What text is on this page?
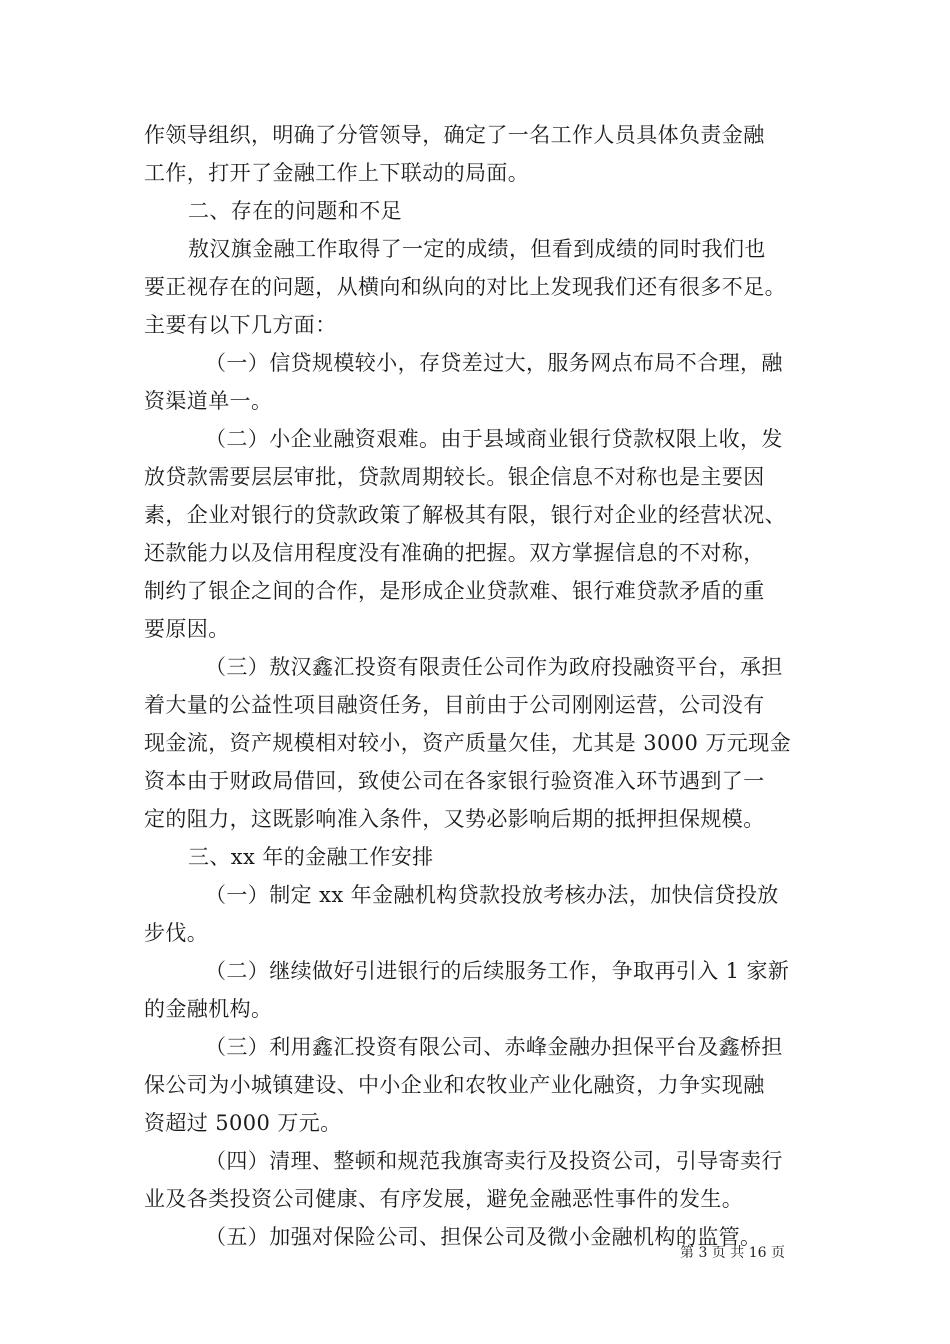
作领导组织，明确了分管领导，确定了一名工作人员具体负责金融
工作，打开了金融工作上下联动的局面。
二、存在的问题和不足
敖汉旗金融工作取得了一定的成绩，但看到成绩的同时我们也
要正视存在的问题，从横向和纵向的对比上发现我们还有很多不足。
主要有以下几方面：
（一）信贷规模较小，存贷差过大，服务网点布局不合理，融
资渠道单一。
（二）小企业融资艰难。由于县域商业银行贷款权限上收，发
放贷款需要层层审批，贷款周期较长。银企信息不对称也是主要因
素，企业对银行的贷款政策了解极其有限，银行对企业的经营状况、
还款能力以及信用程度没有准确的把握。双方掌握信息的不对称，
制约了银企之间的合作，是形成企业贷款难、银行难贷款矛盾的重
要原因。
（三）敖汉鑫汇投资有限责任公司作为政府投融资平台，承担
着大量的公益性项目融资任务，目前由于公司刚刚运营，公司没有
现金流，资产规模相对较小，资产质量欠佳，尤其是 3000 万元现金
资本由于财政局借回，致使公司在各家银行验资准入环节遇到了一
定的阻力，这既影响准入条件，又势必影响后期的抵押担保规模。
三、xx 年的金融工作安排
（一）制定 xx 年金融机构贷款投放考核办法，加快信贷投放
步伐。
（二）继续做好引进银行的后续服务工作，争取再引入 1 家新
的金融机构。
（三）利用鑫汇投资有限公司、赤峰金融办担保平台及鑫桥担
保公司为小城镇建设、中小企业和农牧业产业化融资，力争实现融
资超过 5000 万元。
（四）清理、整顿和规范我旗寄卖行及投资公司，引导寄卖行
业及各类投资公司健康、有序发展，避免金融恶性事件的发生。
（五）加强对保险公司、担保公司及微小金融机构的监管。
第 3 页 共 16 页
